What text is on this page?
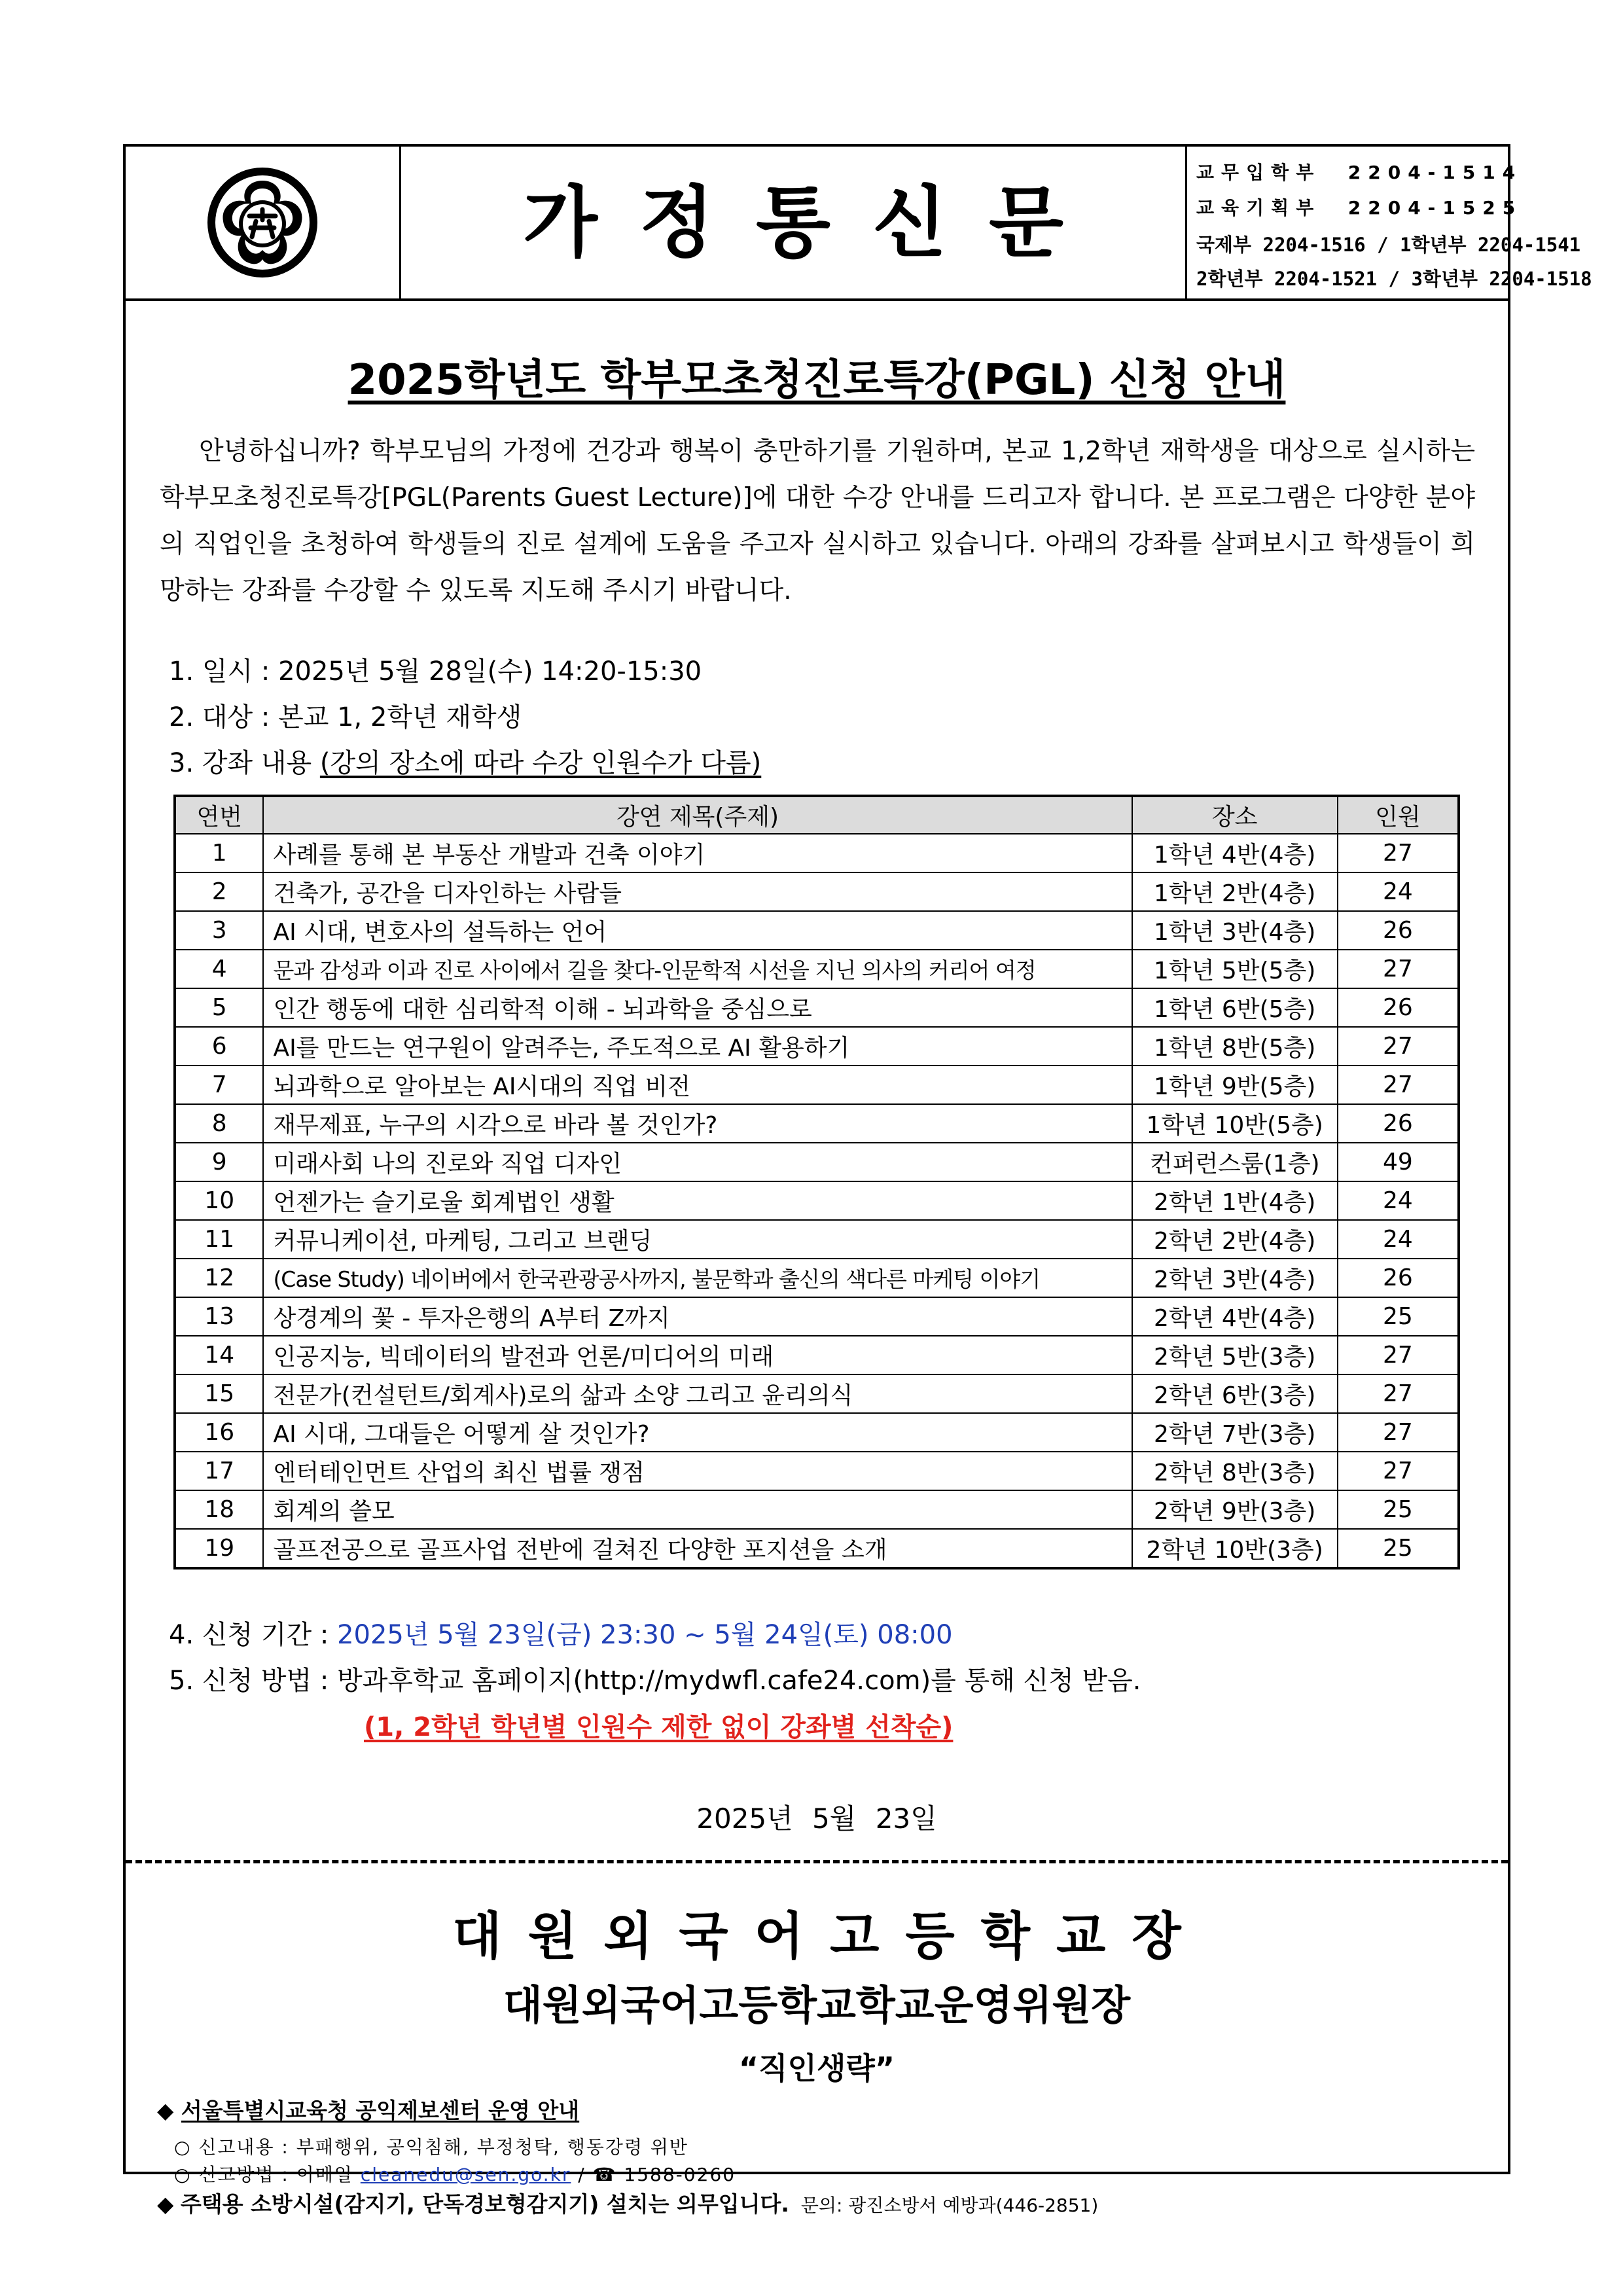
가정통신문
교무입학부 2204-1514
교육기획부 2204-1525
국제부 2204-1516 / 1학년부 2204-1541
2학년부 2204-1521 / 3학년부 2204-1518
2025학년도 학부모초청진로특강(PGL) 신청 안내
안녕하십니까? 학부모님의 가정에 건강과 행복이 충만하기를 기원하며, 본교 1,2학년 재학생을 대상으로 실시하는 학부모초청진로특강[PGL(Parents Guest Lecture)]에 대한 수강 안내를 드리고자 합니다. 본 프로그램은 다양한 분야의 직업인을 초청하여 학생들의 진로 설계에 도움을 주고자 실시하고 있습니다. 아래의 강좌를 살펴보시고 학생들이 희망하는 강좌를 수강할 수 있도록 지도해 주시기 바랍니다.
1. 일시 : 2025년 5월 28일(수) 14:20-15:30
2. 대상 : 본교 1, 2학년 재학생
3. 강좌 내용 (강의 장소에 따라 수강 인원수가 다름)
연번	강연 제목(주제)	장소	인원
1	사례를 통해 본 부동산 개발과 건축 이야기	1학년 4반(4층)	27
2	건축가, 공간을 디자인하는 사람들	1학년 2반(4층)	24
3	AI 시대, 변호사의 설득하는 언어	1학년 3반(4층)	26
4	문과 감성과 이과 진로 사이에서 길을 찾다-인문학적 시선을 지닌 의사의 커리어 여정	1학년 5반(5층)	27
5	인간 행동에 대한 심리학적 이해 - 뇌과학을 중심으로	1학년 6반(5층)	26
6	AI를 만드는 연구원이 알려주는, 주도적으로 AI 활용하기	1학년 8반(5층)	27
7	뇌과학으로 알아보는 AI시대의 직업 비전	1학년 9반(5층)	27
8	재무제표, 누구의 시각으로 바라 볼 것인가?	1학년 10반(5층)	26
9	미래사회 나의 진로와 직업 디자인	컨퍼런스룸(1층)	49
10	언젠가는 슬기로울 회계법인 생활	2학년 1반(4층)	24
11	커뮤니케이션, 마케팅, 그리고 브랜딩	2학년 2반(4층)	24
12	(Case Study) 네이버에서 한국관광공사까지, 불문학과 출신의 색다른 마케팅 이야기	2학년 3반(4층)	26
13	상경계의 꽃 - 투자은행의 A부터 Z까지	2학년 4반(4층)	25
14	인공지능, 빅데이터의 발전과 언론/미디어의 미래	2학년 5반(3층)	27
15	전문가(컨설턴트/회계사)로의 삶과 소양 그리고 윤리의식	2학년 6반(3층)	27
16	AI 시대, 그대들은 어떻게 살 것인가?	2학년 7반(3층)	27
17	엔터테인먼트 산업의 최신 법률 쟁점	2학년 8반(3층)	27
18	회계의 쓸모	2학년 9반(3층)	25
19	골프전공으로 골프사업 전반에 걸쳐진 다양한 포지션을 소개	2학년 10반(3층)	25
4. 신청 기간 : 2025년 5월 23일(금) 23:30 ~ 5월 24일(토) 08:00
5. 신청 방법 : 방과후학교 홈페이지(http://mydwfl.cafe24.com)를 통해 신청 받음.
(1, 2학년 학년별 인원수 제한 없이 강좌별 선착순)
2025년 5월 23일
대원외국어고등학교장
대원외국어고등학교학교운영위원장
“직인생략”
◆ 서울특별시교육청 공익제보센터 운영 안내
○ 신고내용 : 부패행위, 공익침해, 부정청탁, 행동강령 위반
○ 신고방법 : 이메일 cleanedu@sen.go.kr / ☎ 1588-0260
◆ 주택용 소방시설(감지기, 단독경보형감지기) 설치는 의무입니다. 문의: 광진소방서 예방과(446-2851)
